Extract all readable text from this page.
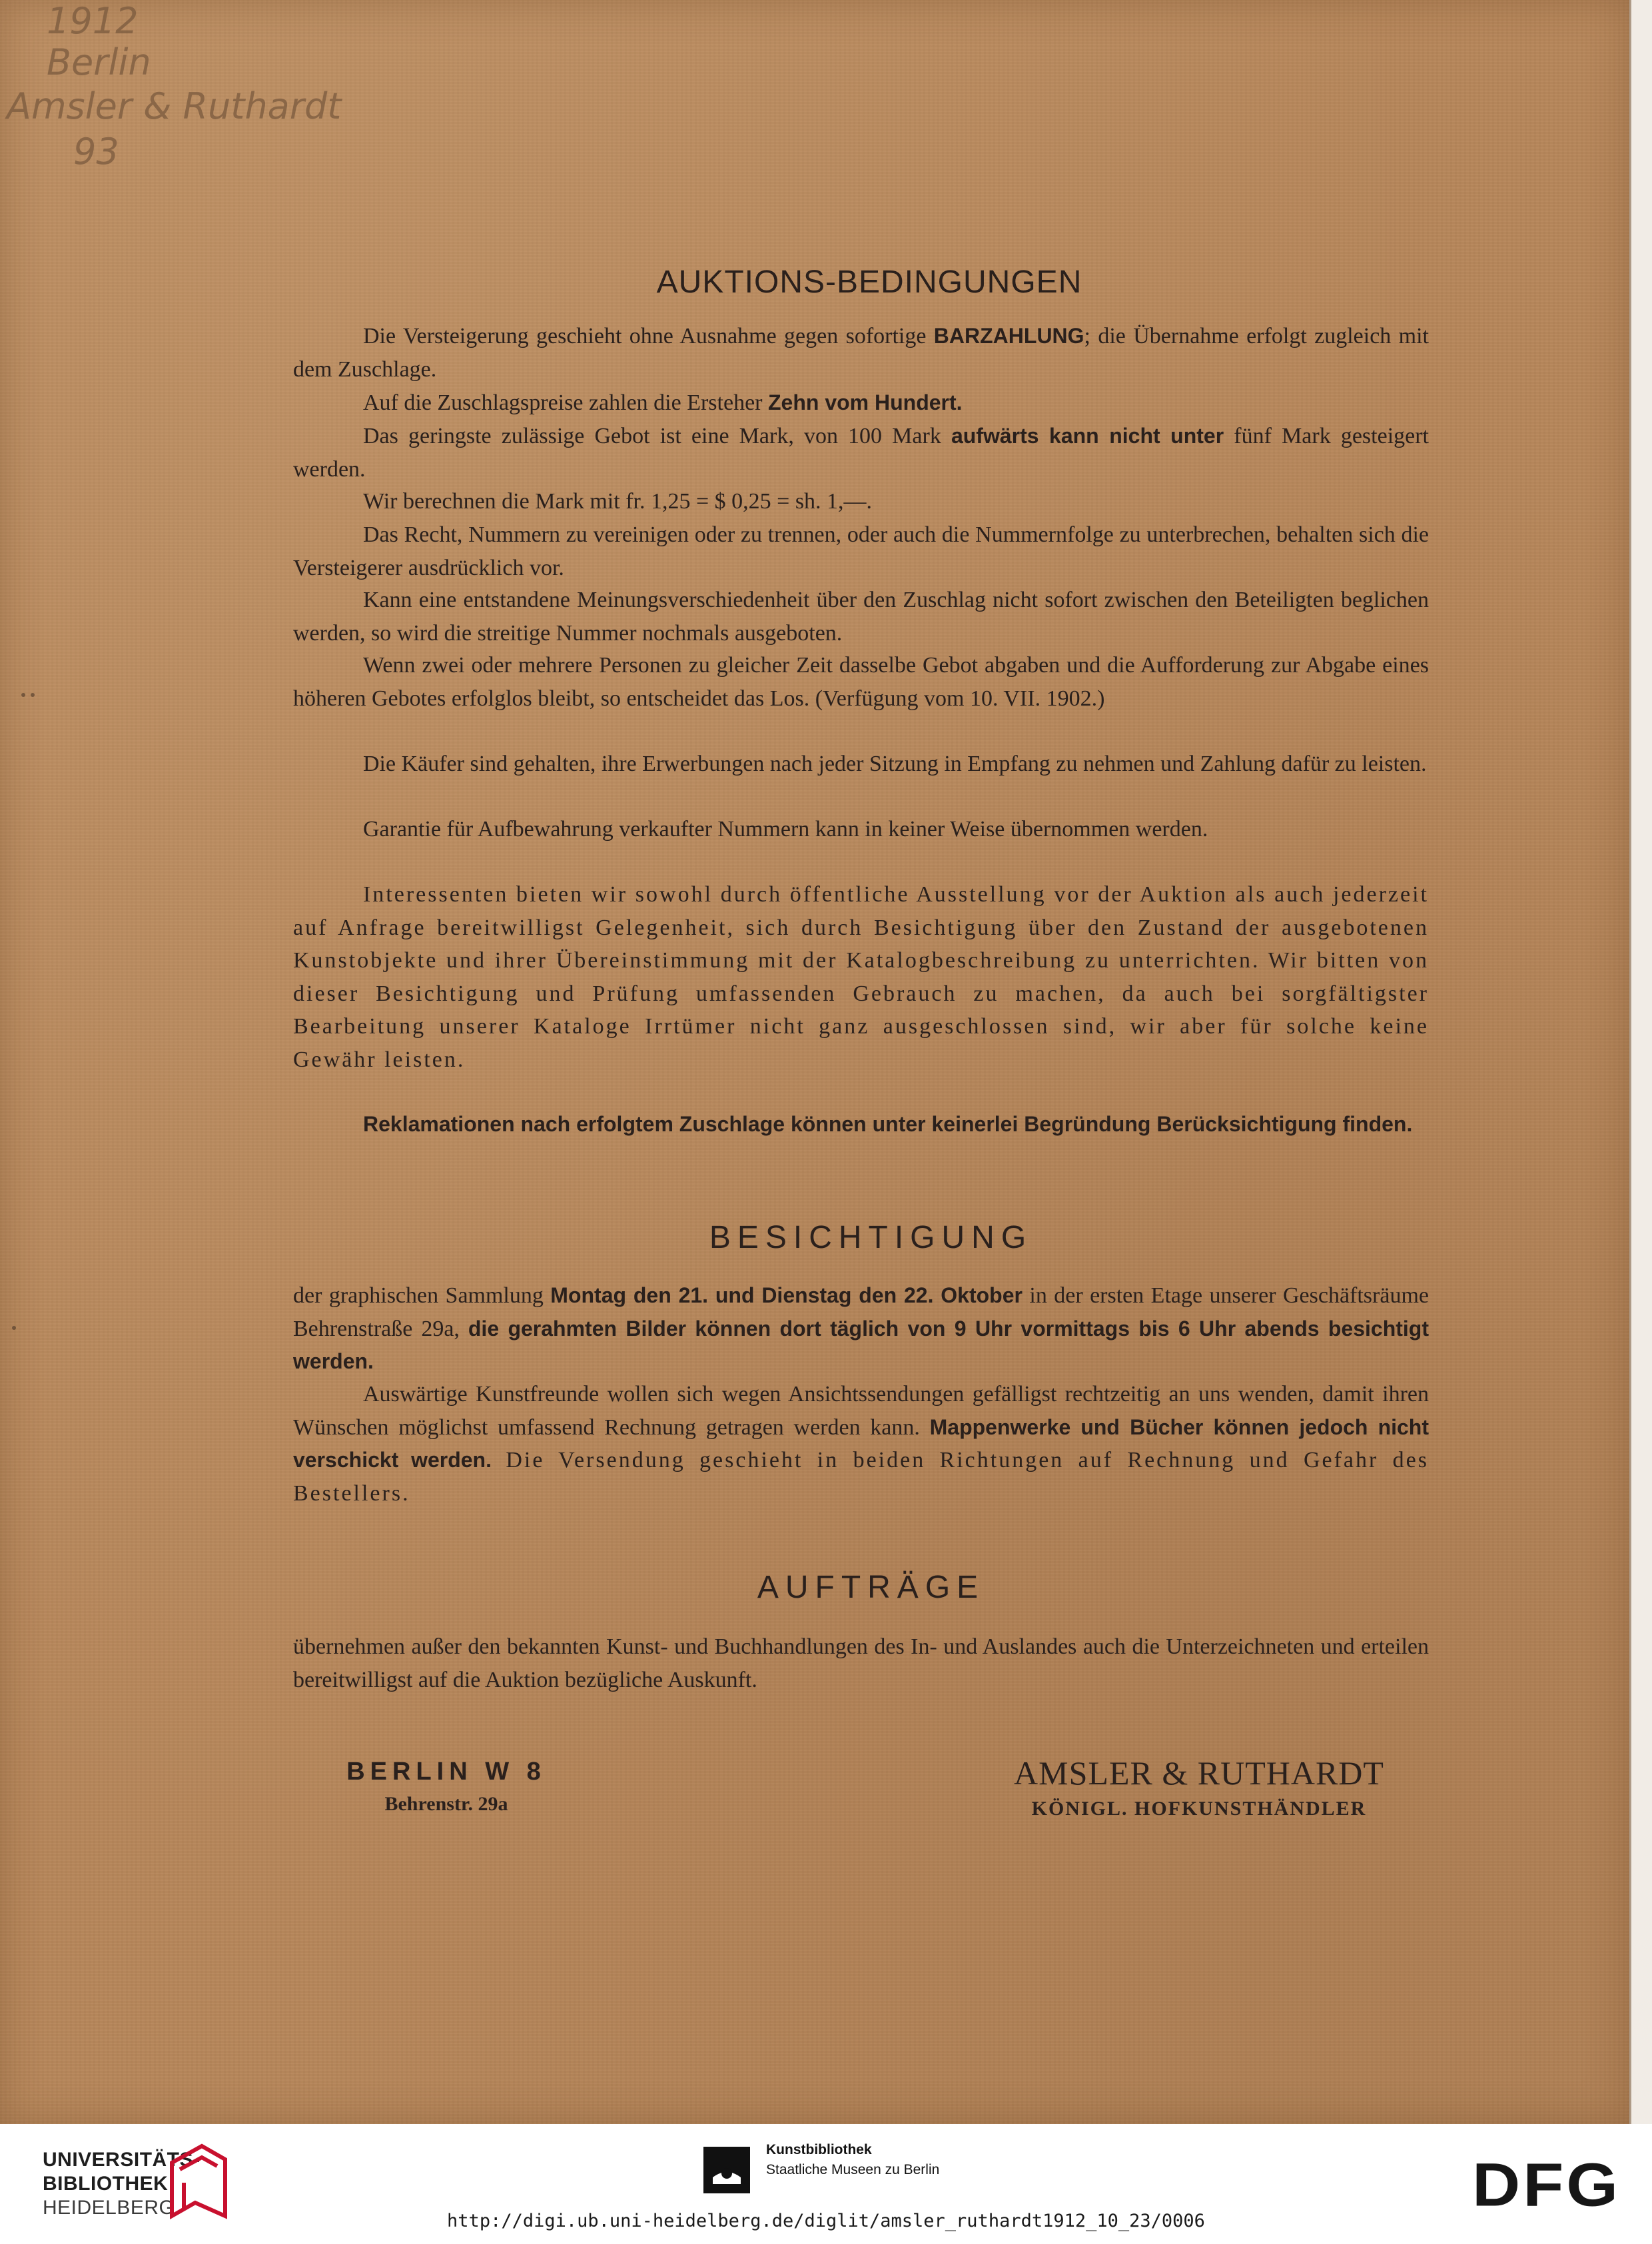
1912
Berlin
Amsler & Ruthardt
93
AUKTIONS-BEDINGUNGEN
Die Versteigerung geschieht ohne Ausnahme gegen sofortige BARZAHLUNG; die Übernahme erfolgt zugleich mit dem Zuschlage.
Auf die Zuschlagspreise zahlen die Ersteher Zehn vom Hundert.
Das geringste zulässige Gebot ist eine Mark, von 100 Mark aufwärts kann nicht unter fünf Mark gesteigert werden.
Wir berechnen die Mark mit fr. 1,25 = $ 0,25 = sh. 1,—.
Das Recht, Nummern zu vereinigen oder zu trennen, oder auch die Nummernfolge zu unterbrechen, behalten sich die Versteigerer ausdrücklich vor.
Kann eine entstandene Meinungsverschiedenheit über den Zuschlag nicht sofort zwischen den Beteiligten beglichen werden, so wird die streitige Nummer nochmals ausgeboten.
Wenn zwei oder mehrere Personen zu gleicher Zeit dasselbe Gebot abgaben und die Aufforderung zur Abgabe eines höheren Gebotes erfolglos bleibt, so entscheidet das Los. (Verfügung vom 10. VII. 1902.)
Die Käufer sind gehalten, ihre Erwerbungen nach jeder Sitzung in Empfang zu nehmen und Zahlung dafür zu leisten.
Garantie für Aufbewahrung verkaufter Nummern kann in keiner Weise übernommen werden.
Interessenten bieten wir sowohl durch öffentliche Ausstellung vor der Auktion als auch jederzeit auf Anfrage bereitwilligst Gelegenheit, sich durch Besichtigung über den Zustand der ausgebotenen Kunstobjekte und ihrer Übereinstimmung mit der Katalogbeschreibung zu unterrichten. Wir bitten von dieser Besichtigung und Prüfung umfassenden Gebrauch zu machen, da auch bei sorgfältigster Bearbeitung unserer Kataloge Irrtümer nicht ganz ausgeschlossen sind, wir aber für solche keine Gewähr leisten.
Reklamationen nach erfolgtem Zuschlage können unter keinerlei Begründung Berücksichtigung finden.
BESICHTIGUNG
der graphischen Sammlung Montag den 21. und Dienstag den 22. Oktober in der ersten Etage unserer Geschäftsräume Behrenstraße 29a, die gerahmten Bilder können dort täglich von 9 Uhr vormittags bis 6 Uhr abends besichtigt werden.
Auswärtige Kunstfreunde wollen sich wegen Ansichtssendungen gefälligst rechtzeitig an uns wenden, damit ihren Wünschen möglichst umfassend Rechnung getragen werden kann. Mappenwerke und Bücher können jedoch nicht verschickt werden. Die Versendung geschieht in beiden Richtungen auf Rechnung und Gefahr des Bestellers.
AUFTRÄGE
übernehmen außer den bekannten Kunst- und Buchhandlungen des In- und Auslandes auch die Unterzeichneten und erteilen bereitwilligst auf die Auktion bezügliche Auskunft.
BERLIN W 8
Behrenstr. 29a
AMSLER & RUTHARDT
KÖNIGL. HOFKUNSTHÄNDLER
UNIVERSITÄTS-
BIBLIOTHEK
HEIDELBERG
Kunstbibliothek
Staatliche Museen zu Berlin	DFG
http://digi.ub.uni-heidelberg.de/diglit/amsler_ruthardt1912_10_23/0006
